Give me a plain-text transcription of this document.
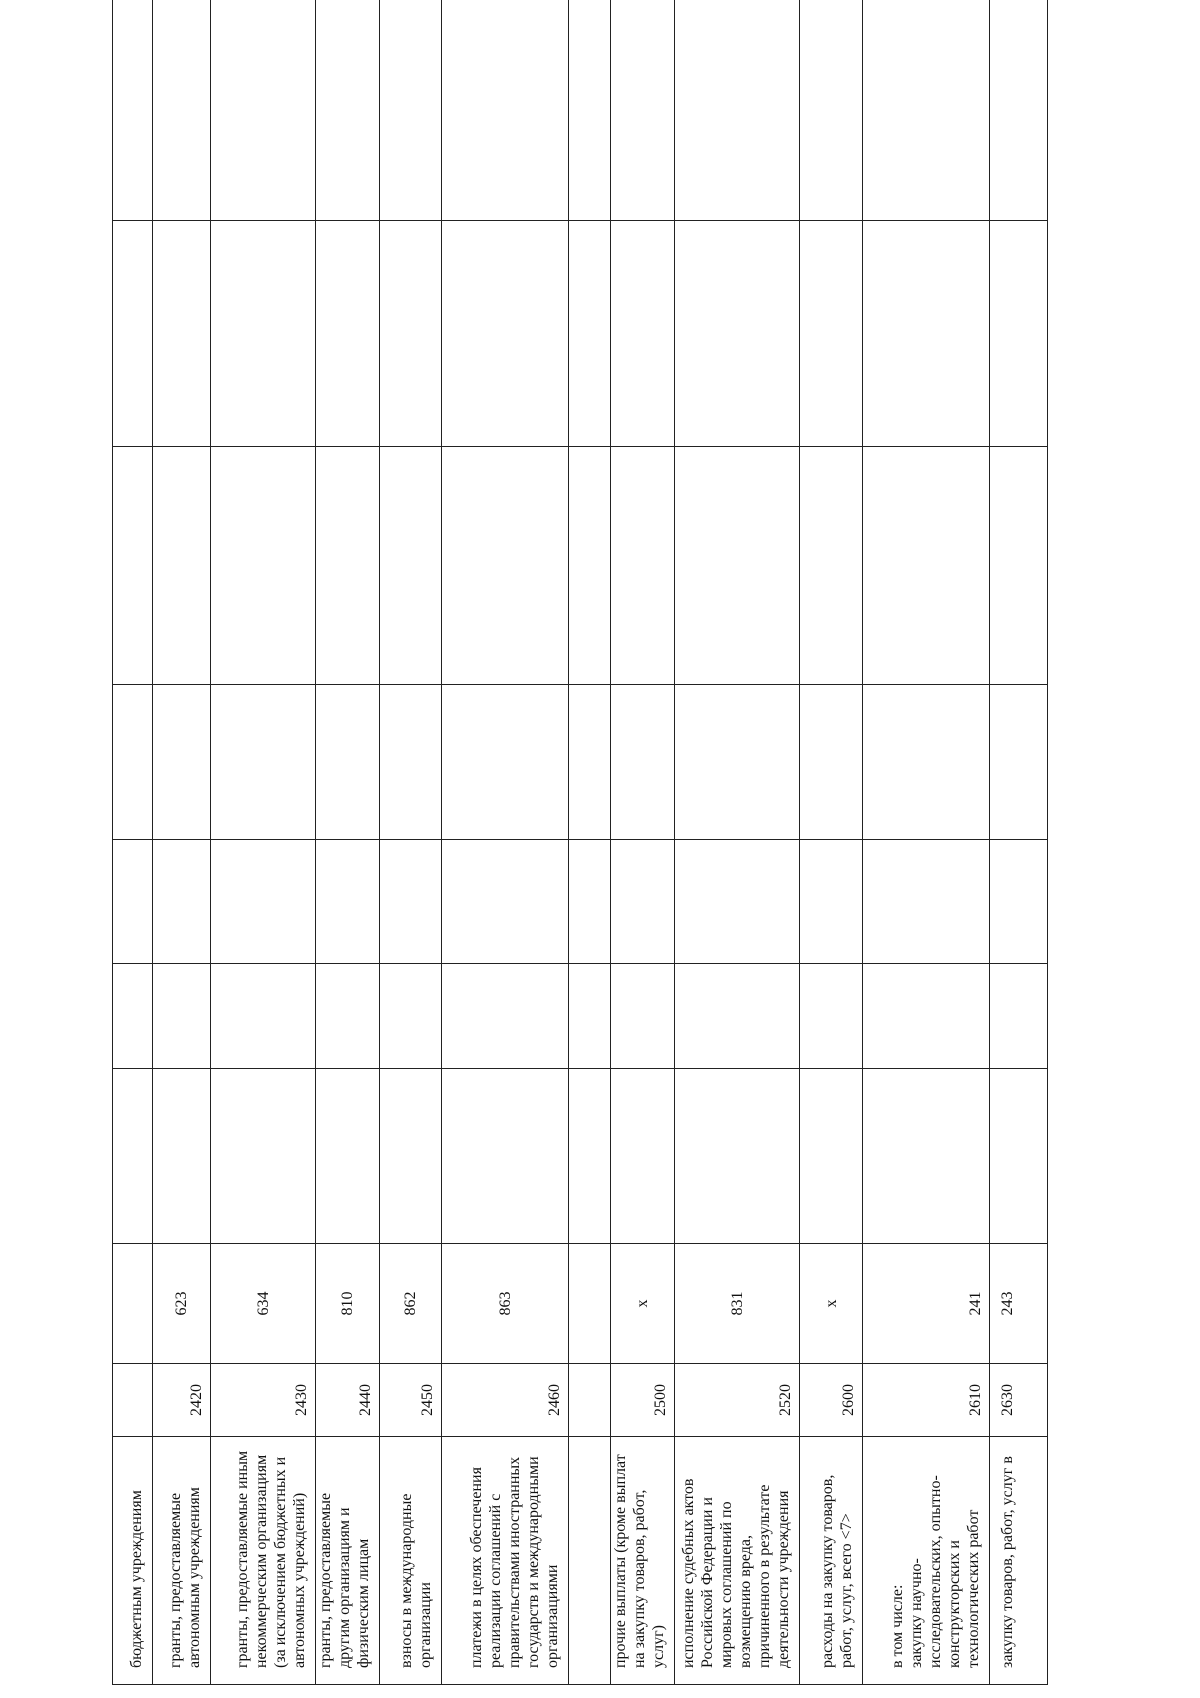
бюджетным учреждениям										

гранты, предоставляемые автономным учреждениям	2420	623								

гранты, предоставляемые иным некоммерческим организациям (за исключением бюджетных и автономных учреждений)	2430	634								

гранты, предоставляемые другим организациям и физическим лицам	2440	810								

взносы в международные организации	2450	862								

платежи в целях обеспечения реализации соглашений с правительствами иностранных государств и международными организациями	2460	863								

прочие выплаты (кроме выплат на закупку товаров, работ, услуг)	2500	x								

исполнение судебных актов Российской Федерации и мировых соглашений по возмещению вреда, причиненного в результате деятельности учреждения	2520	831								

расходы на закупку товаров, работ, услуг, всего <7>	2600	x								

в том числе:
закупку научно-исследовательских, опытно-конструкторских и технологических работ	2610	241								

закупку товаров, работ, услуг в	2630	243								
